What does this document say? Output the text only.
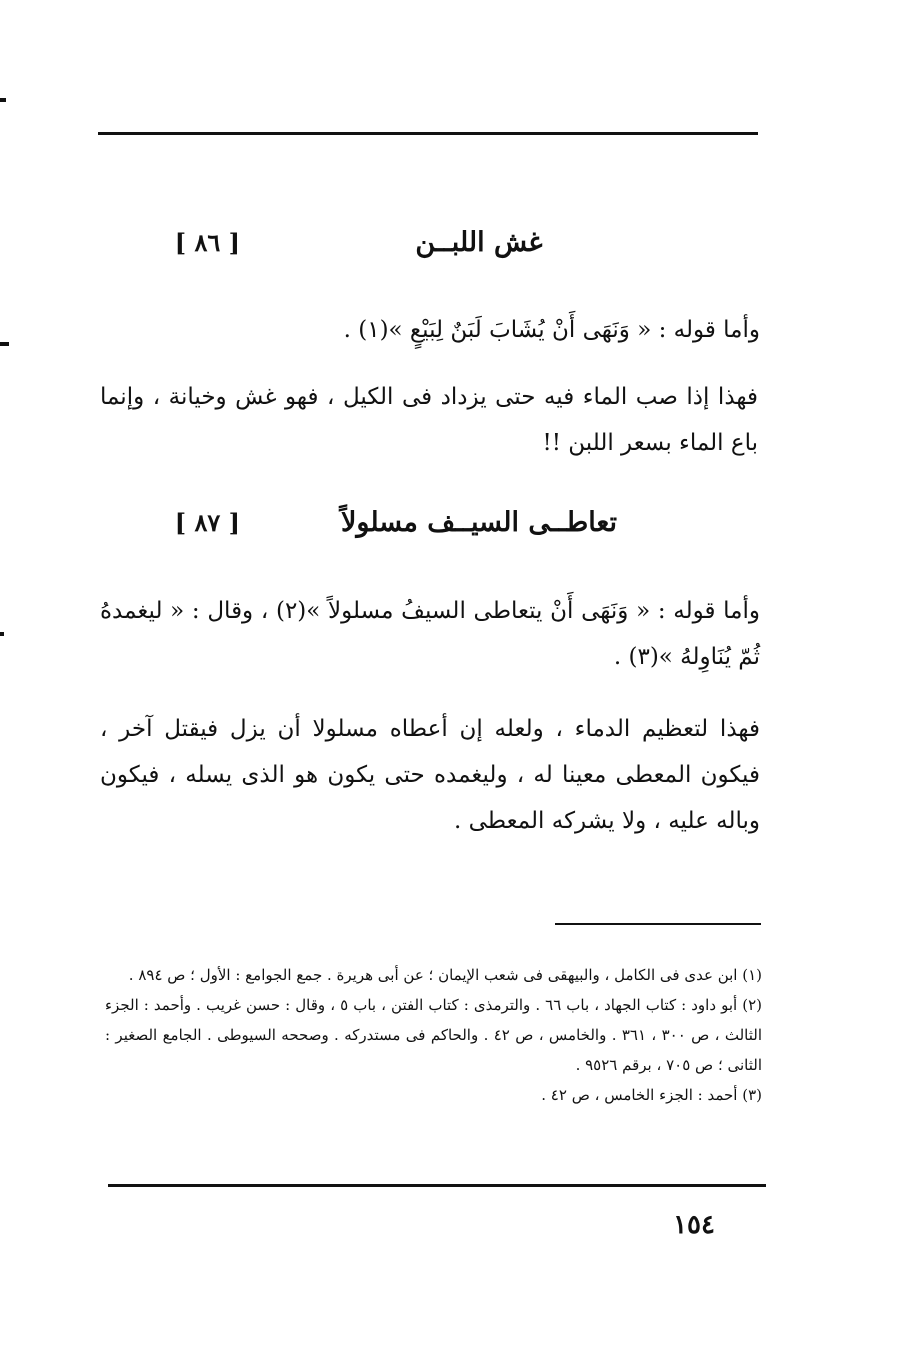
[ ٨٦ ]	غش اللبــن
وأما قوله : « وَنَهَى أَنْ يُشَابَ لَبَنٌ لِبَيْعٍ »(١) .
فهذا إذا صب الماء فيه حتى يزداد فى الكيل ، فهو غش وخيانة ، وإنما باع الماء بسعر اللبن !!
[ ٨٧ ]	تعاطــى السيــف مسلولاً
وأما قوله : « وَنَهَى أَنْ يتعاطى السيفُ مسلولاً »(٢) ، وقال : « ليغمدهُ ثُمّ يُنَاوِلهُ »(٣) .
فهذا لتعظيم الدماء ، ولعله إن أعطاه مسلولا أن يزل فيقتل آخر ، فيكون المعطى معينا له ، وليغمده حتى يكون هو الذى يسله ، فيكون وباله عليه ، ولا يشركه المعطى .

(١) ابن عدى فى الكامل ، والبيهقى فى شعب الإيمان ؛ عن أبى هريرة . جمع الجوامع : الأول ؛ ص ٨٩٤ .

(٢) أبو داود : كتاب الجهاد ، باب ٦٦ . والترمذى : كتاب الفتن ، باب ٥ ، وقال : حسن غريب . وأحمد : الجزء الثالث ، ص ٣٠٠ ، ٣٦١ . والخامس ، ص ٤٢ . والحاكم فى مستدركه . وصححه السيوطى . الجامع الصغير : الثانى ؛ ص ٧٠٥ ، برقم ٩٥٢٦ .

(٣) أحمد : الجزء الخامس ، ص ٤٢ .

١٥٤
